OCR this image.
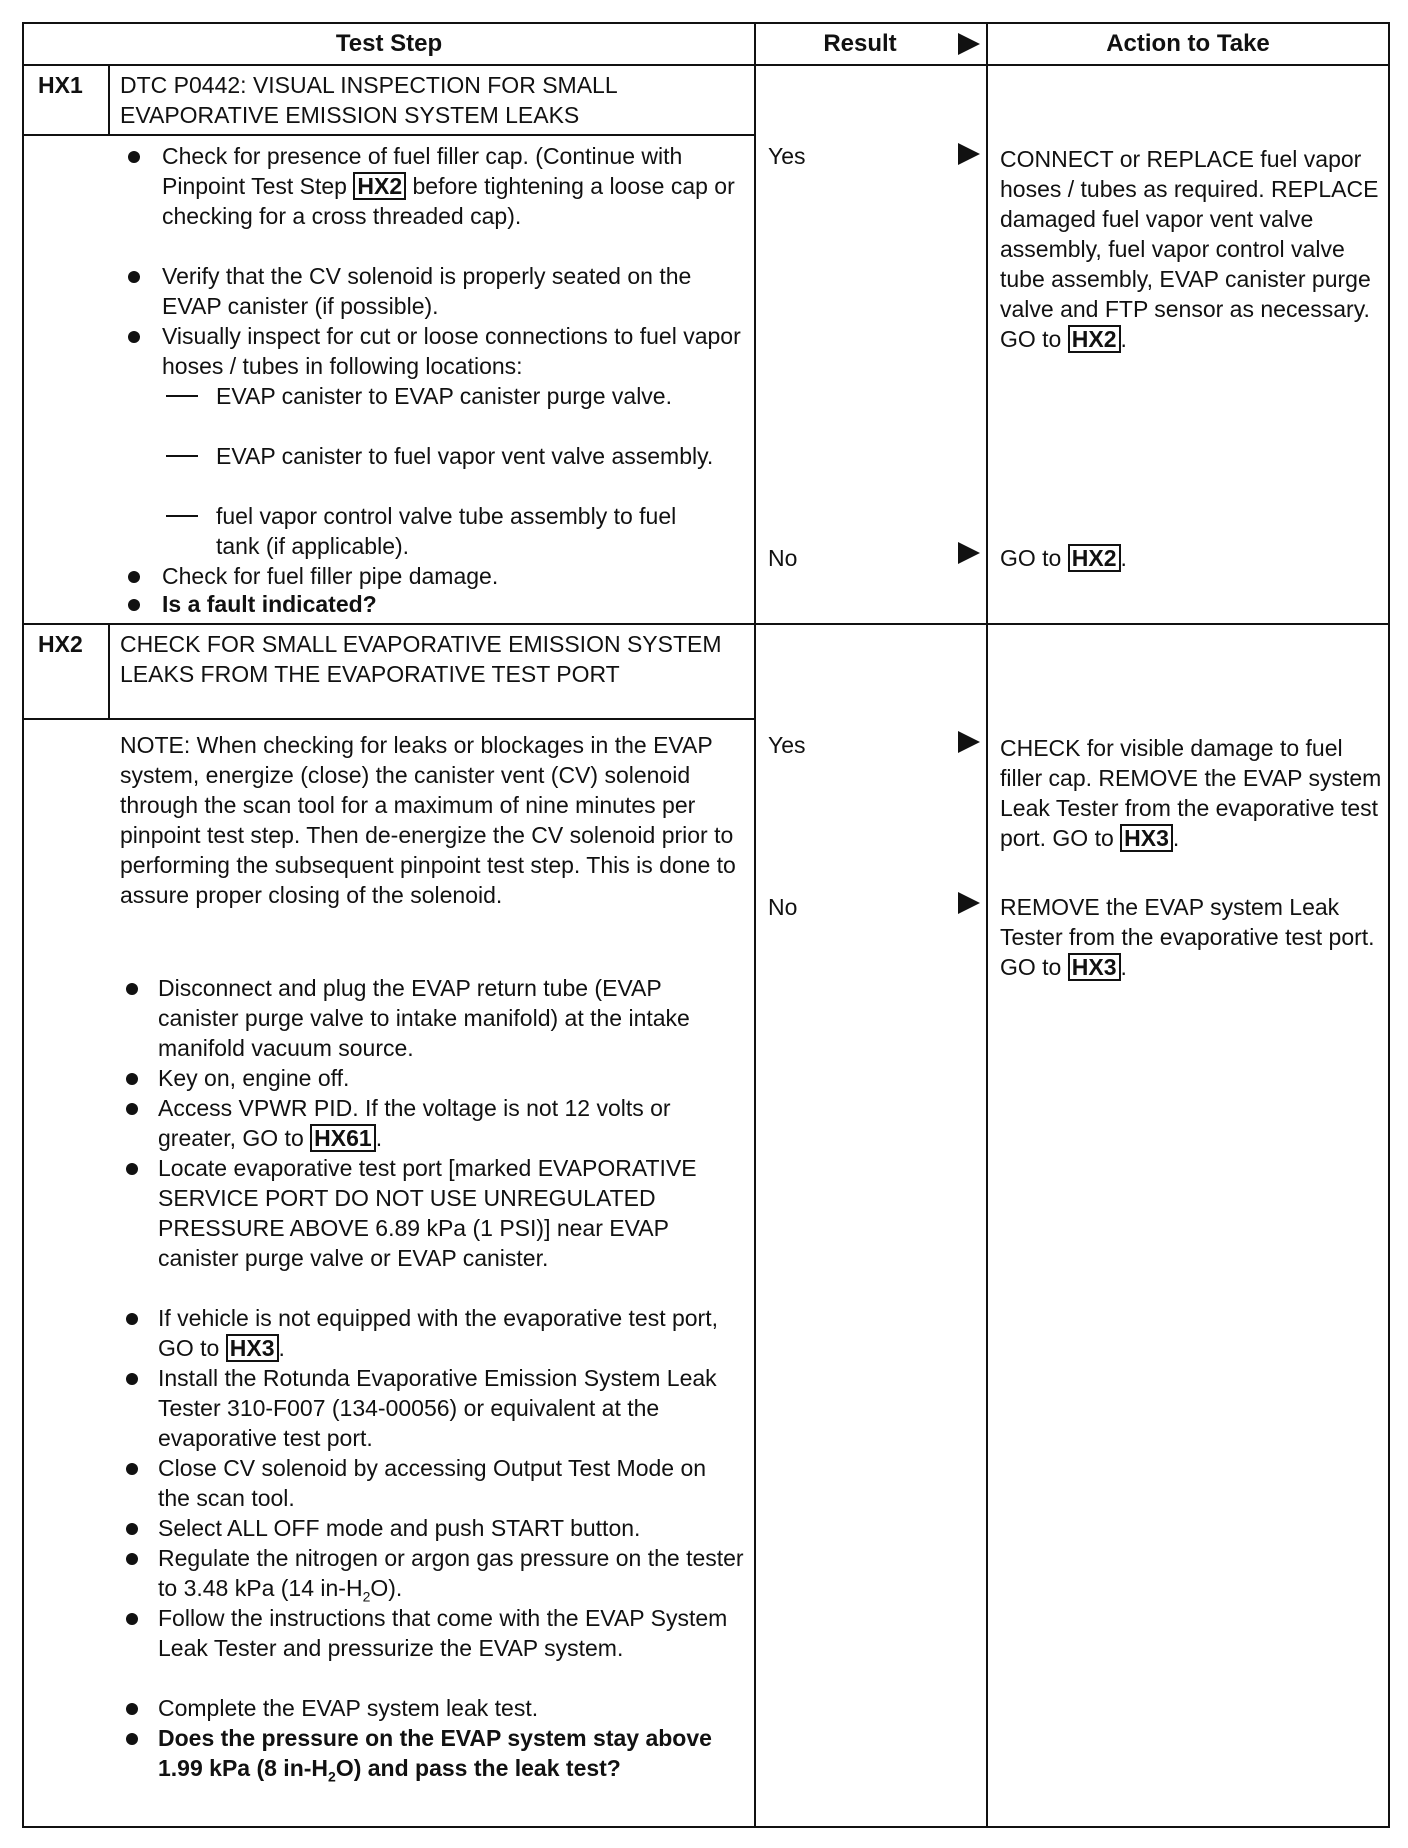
Test Step	Result	Action to Take
HX1 DTC P0442: VISUAL INSPECTION FOR SMALL EVAPORATIVE EMISSION SYSTEM LEAKS
Check for presence of fuel filler cap. (Continue with Pinpoint Test Step HX2 before tightening a loose cap or checking for a cross threaded cap).
Verify that the CV solenoid is properly seated on the EVAP canister (if possible).
Visually inspect for cut or loose connections to fuel vapor hoses / tubes in following locations:
EVAP canister to EVAP canister purge valve.
EVAP canister to fuel vapor vent valve assembly.
fuel vapor control valve tube assembly to fuel tank (if applicable).
Check for fuel filler pipe damage.
Is a fault indicated?
Yes	CONNECT or REPLACE fuel vapor hoses / tubes as required. REPLACE damaged fuel vapor vent valve assembly, fuel vapor control valve tube assembly, EVAP canister purge valve and FTP sensor as necessary. GO to HX2 .
No	GO to HX2 .
HX2 CHECK FOR SMALL EVAPORATIVE EMISSION SYSTEM LEAKS FROM THE EVAPORATIVE TEST PORT
NOTE: When checking for leaks or blockages in the EVAP system, energize (close) the canister vent (CV) solenoid through the scan tool for a maximum of nine minutes per pinpoint test step. Then de-energize the CV solenoid prior to performing the subsequent pinpoint test step. This is done to assure proper closing of the solenoid.
Disconnect and plug the EVAP return tube (EVAP canister purge valve to intake manifold) at the intake manifold vacuum source.
Key on, engine off.
Access VPWR PID. If the voltage is not 12 volts or greater, GO to HX61 .
Locate evaporative test port [marked EVAPORATIVE SERVICE PORT DO NOT USE UNREGULATED PRESSURE ABOVE 6.89 kPa (1 PSI)] near EVAP canister purge valve or EVAP canister.
If vehicle is not equipped with the evaporative test port, GO to HX3 .
Install the Rotunda Evaporative Emission System Leak Tester 310-F007 (134-00056) or equivalent at the evaporative test port.
Close CV solenoid by accessing Output Test Mode on the scan tool.
Select ALL OFF mode and push START button.
Regulate the nitrogen or argon gas pressure on the tester to 3.48 kPa (14 $in-H_2O$).
Follow the instructions that come with the EVAP System Leak Tester and pressurize the EVAP system.
Complete the EVAP system leak test.
Does the pressure on the EVAP system stay above 1.99 kPa (8 $in-H_2O$) and pass the leak test?
Yes	CHECK for visible damage to fuel filler cap. REMOVE the EVAP system Leak Tester from the evaporative test port. GO to HX3 .
No	REMOVE the EVAP system Leak Tester from the evaporative test port. GO to HX3 .
